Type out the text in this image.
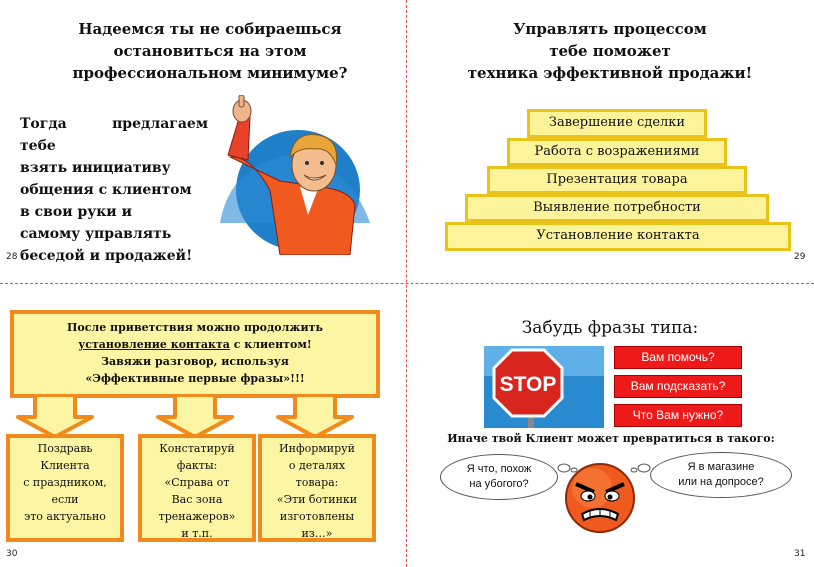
Надеемся ты не собираешься
остановиться на этом
профессиональном минимуме?
Тогда предлагаем тебе
взять инициативу
общения с клиентом
в свои руки и
самому управлять
беседой и продажей!
28
Управлять процессом
тебе поможет
техника эффективной продажи!
Завершение сделки
Работа с возражениями
Презентация товара
Выявление потребности
Установление контакта
29
После приветствия можно продолжить
установление контакта с клиентом!
Завяжи разговор, используя
«Эффективные первые фразы»!!!
Поздравь
Клиента
с праздником,
если
это актуально
Констатируй
факты:
«Справа от
Вас зона
тренажеров»
и т.п.
Информируй
о деталях
товара:
«Эти ботинки
изготовлены
из…»
30
Забудь фразы типа:
STOP
Вам помочь?
Вам подсказать?
Что Вам нужно?
Иначе твой Клиент может превратиться в такого:
Я что, похож
на убогого?
Я в магазине
или на допросе?
31
